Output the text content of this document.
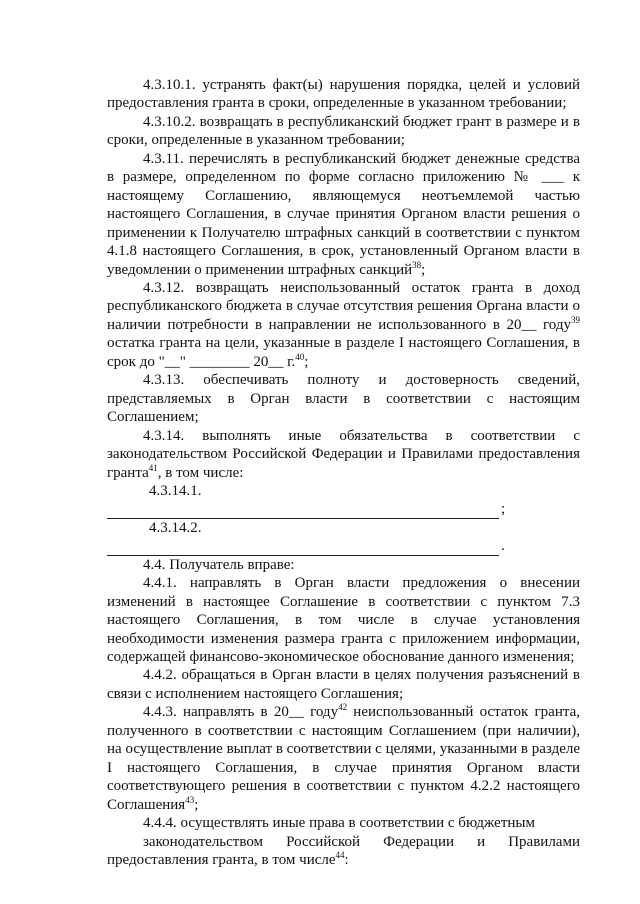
4.3.10.1. устранять факт(ы) нарушения порядка, целей и условий предоставления гранта в сроки, определенные в указанном требовании;

4.3.10.2. возвращать в республиканский бюджет грант в размере и в сроки, определенные в указанном требовании;

4.3.11. перечислять в республиканский бюджет денежные средства в размере, определенном по форме согласно приложению № ___ к настоящему Соглашению, являющемуся неотъемлемой частью настоящего Соглашения, в случае принятия Органом власти решения о применении к Получателю штрафных санкций в соответствии с пунктом 4.1.8 настоящего Соглашения, в срок, установленный Органом власти в уведомлении о применении штрафных санкций$^{38}$;

4.3.12. возвращать неиспользованный остаток гранта в доход республиканского бюджета в случае отсутствия решения Органа власти о наличии потребности в направлении не использованного в 20__ году$^{39}$ остатка гранта на цели, указанные в разделе I настоящего Соглашения, в срок до "__" ________ 20__ г.$^{40}$;

4.3.13. обеспечивать полноту и достоверность сведений, представляемых в Орган власти в соответствии с настоящим Соглашением;

4.3.14. выполнять иные обязательства в соответствии с законодательством Российской Федерации и Правилами предоставления гранта$^{41}$, в том числе:

4.3.14.1.

;

4.3.14.2.

.

4.4. Получатель вправе:

4.4.1. направлять в Орган власти предложения о внесении изменений в настоящее Соглашение в соответствии с пунктом 7.3 настоящего Соглашения, в том числе в случае установления необходимости изменения размера гранта с приложением информации, содержащей финансово-экономическое обоснование данного изменения;

4.4.2. обращаться в Орган власти в целях получения разъяснений в связи с исполнением настоящего Соглашения;

4.4.3. направлять в 20__ году$^{42}$ неиспользованный остаток гранта, полученного в соответствии с настоящим Соглашением (при наличии), на осуществление выплат в соответствии с целями, указанными в разделе I настоящего Соглашения, в случае принятия Органом власти соответствующего решения в соответствии с пунктом 4.2.2 настоящего Соглашения$^{43}$;

4.4.4. осуществлять иные права в соответствии с бюджетным

законодательством Российской Федерации и Правилами

предоставления гранта, в том числе$^{44}$:
